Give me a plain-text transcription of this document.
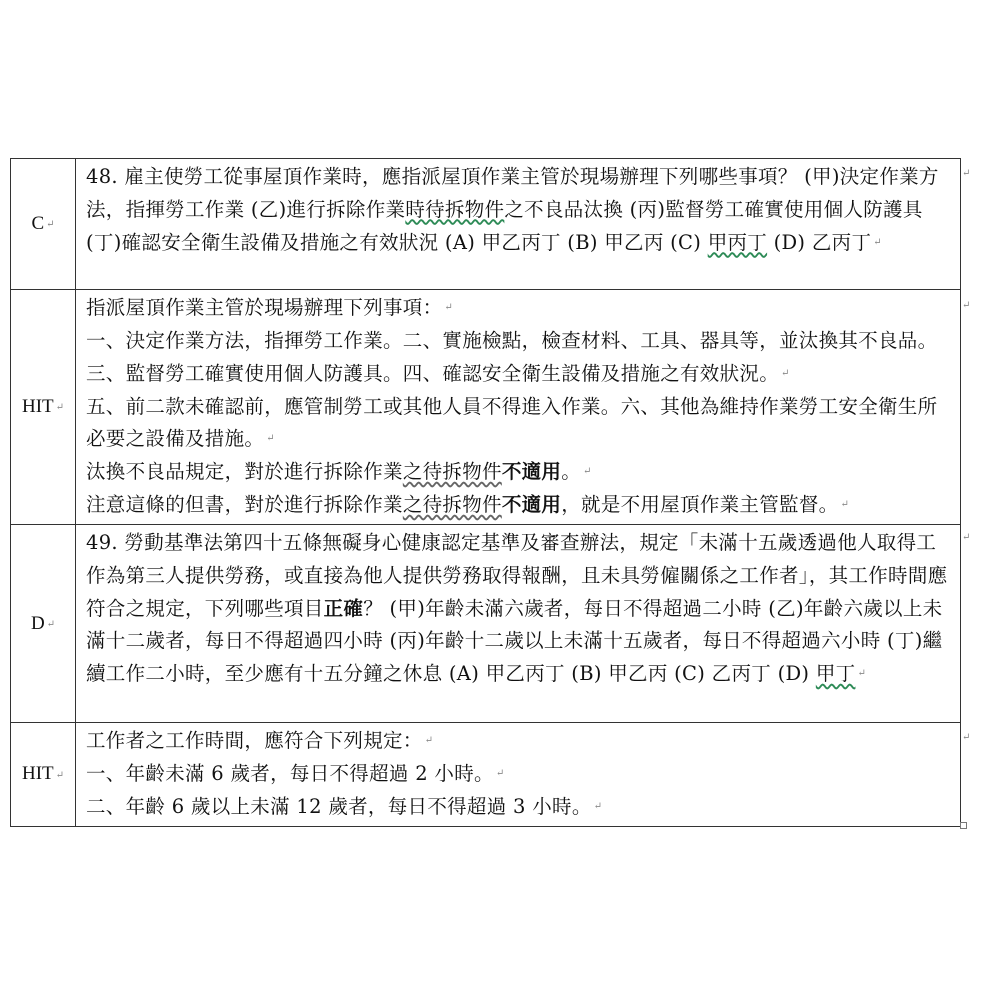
C ↵	48. 雇主使勞工從事屋頂作業時，應指派屋頂作業主管於現場辦理下列哪些事項？ (甲)決定作業方法，指揮勞工作業 (乙)進行拆除作業時待拆物件之不良品汰換 (丙)監督勞工確實使用個人防護具 (丁)確認安全衛生設備及措施之有效狀況 (A) 甲乙丙丁 (B) 甲乙丙 (C) 甲丙丁 (D) 乙丙丁 ↵
HIT ↵	指派屋頂作業主管於現場辦理下列事項： ↵
一、決定作業方法，指揮勞工作業。二、實施檢點，檢查材料、工具、器具等，並汰換其不良品。三、監督勞工確實使用個人防護具。四、確認安全衛生設備及措施之有效狀況。 ↵
五、前二款未確認前，應管制勞工或其他人員不得進入作業。六、其他為維持作業勞工安全衛生所必要之設備及措施。 ↵
汰換不良品規定，對於進行拆除作業之待拆物件不適用。 ↵
注意這條的但書，對於進行拆除作業之待拆物件不適用，就是不用屋頂作業主管監督。 ↵

D ↵	49. 勞動基準法第四十五條無礙身心健康認定基準及審查辦法，規定「未滿十五歲透過他人取得工作為第三人提供勞務，或直接為他人提供勞務取得報酬，且未具勞僱關係之工作者」，其工作時間應符合之規定，下列哪些項目正確？ (甲)年齡未滿六歲者，每日不得超過二小時 (乙)年齡六歲以上未滿十二歲者，每日不得超過四小時 (丙)年齡十二歲以上未滿十五歲者，每日不得超過六小時 (丁)繼續工作二小時，至少應有十五分鐘之休息 (A) 甲乙丙丁 (B) 甲乙丙 (C) 乙丙丁 (D) 甲丁 ↵
HIT ↵	工作者之工作時間，應符合下列規定： ↵
一、年齡未滿 6 歲者，每日不得超過 2 小時。 ↵
二、年齡 6 歲以上未滿 12 歲者，每日不得超過 3 小時。 ↵
↵
↵
↵
↵
